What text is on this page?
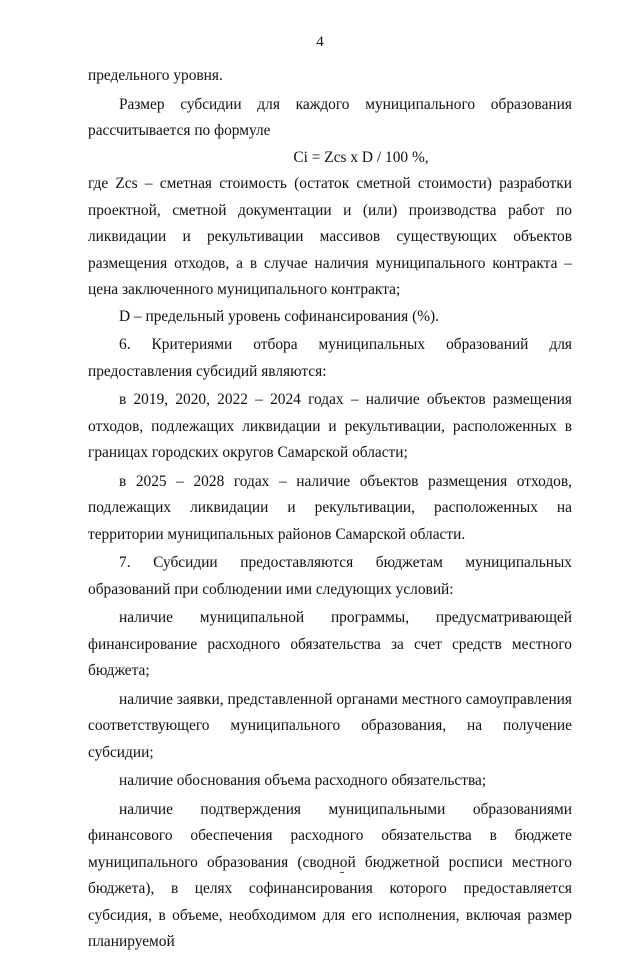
4

предельного уровня.

Размер субсидии для каждого муниципального образования рассчитывается по формуле

Ci = Zcs x D / 100 %,

где Zcs – сметная стоимость (остаток сметной стоимости) разработки проектной, сметной документации и (или) производства работ по ликвидации и рекультивации массивов существующих объектов размещения отходов, а в случае наличия муниципального контракта – цена заключенного муниципального контракта;

D – предельный уровень софинансирования (%).

6. Критериями отбора муниципальных образований для предоставления субсидий являются:

в 2019, 2020, 2022 – 2024 годах – наличие объектов размещения отходов, подлежащих ликвидации и рекультивации, расположенных в границах городских округов Самарской области;

в 2025 – 2028 годах – наличие объектов размещения отходов, подлежащих ликвидации и рекультивации, расположенных на территории муниципальных районов Самарской области.

7. Субсидии предоставляются бюджетам муниципальных образований при соблюдении ими следующих условий:

наличие муниципальной программы, предусматривающей финансирование расходного обязательства за счет средств местного бюджета;

наличие заявки, представленной органами местного самоуправления соответствующего муниципального образования, на получение субсидии;

наличие обоснования объема расходного обязательства;

наличие подтверждения муниципальными образованиями финансового обеспечения расходного обязательства в бюджете муниципального образования (сводной бюджетной росписи местного бюджета), в целях софинансирования которого предоставляется субсидия, в объеме, необходимом для его исполнения, включая размер планируемой
